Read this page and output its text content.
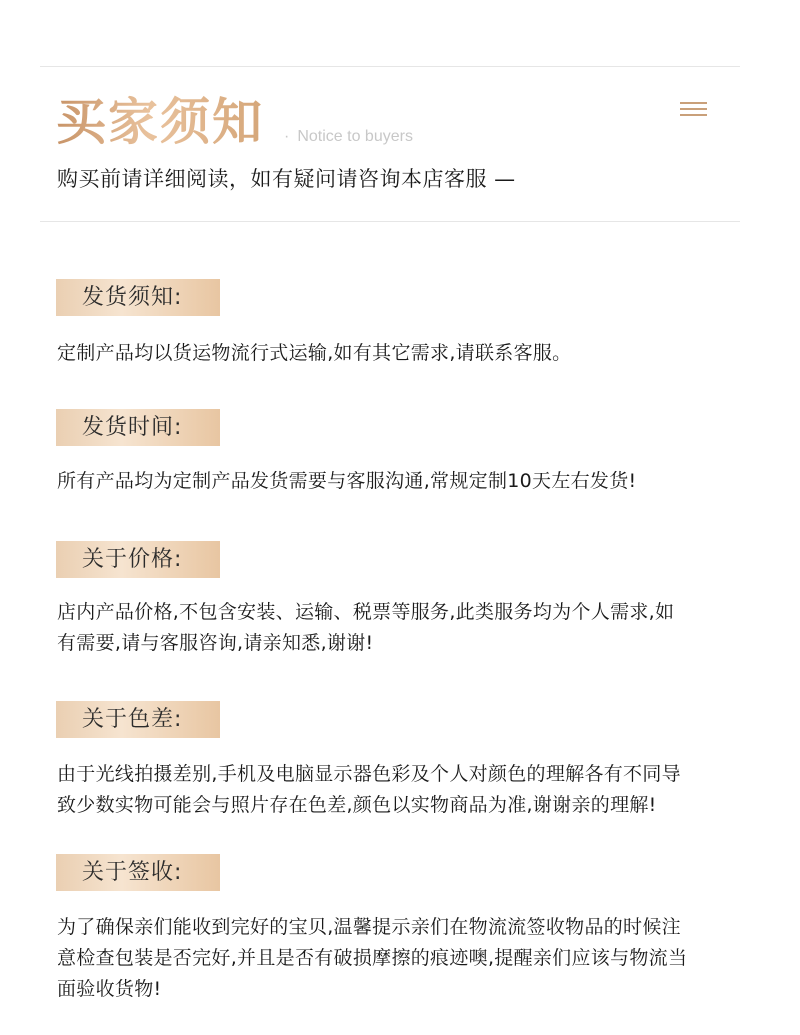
买家须知 · Notice to buyers
购买前请详细阅读，如有疑问请咨询本店客服 —
发货须知:
定制产品均以货运物流行式运输,如有其它需求,请联系客服。
发货时间:
所有产品均为定制产品发货需要与客服沟通,常规定制10天左右发货!
关于价格:
店内产品价格,不包含安装、运输、税票等服务,此类服务均为个人需求,如
有需要,请与客服咨询,请亲知悉,谢谢!
关于色差:
由于光线拍摄差别,手机及电脑显示器色彩及个人对颜色的理解各有不同导
致少数实物可能会与照片存在色差,颜色以实物商品为准,谢谢亲的理解!
关于签收:
为了确保亲们能收到完好的宝贝,温馨提示亲们在物流流签收物品的时候注
意检查包装是否完好,并且是否有破损摩擦的痕迹噢,提醒亲们应该与物流当
面验收货物!
